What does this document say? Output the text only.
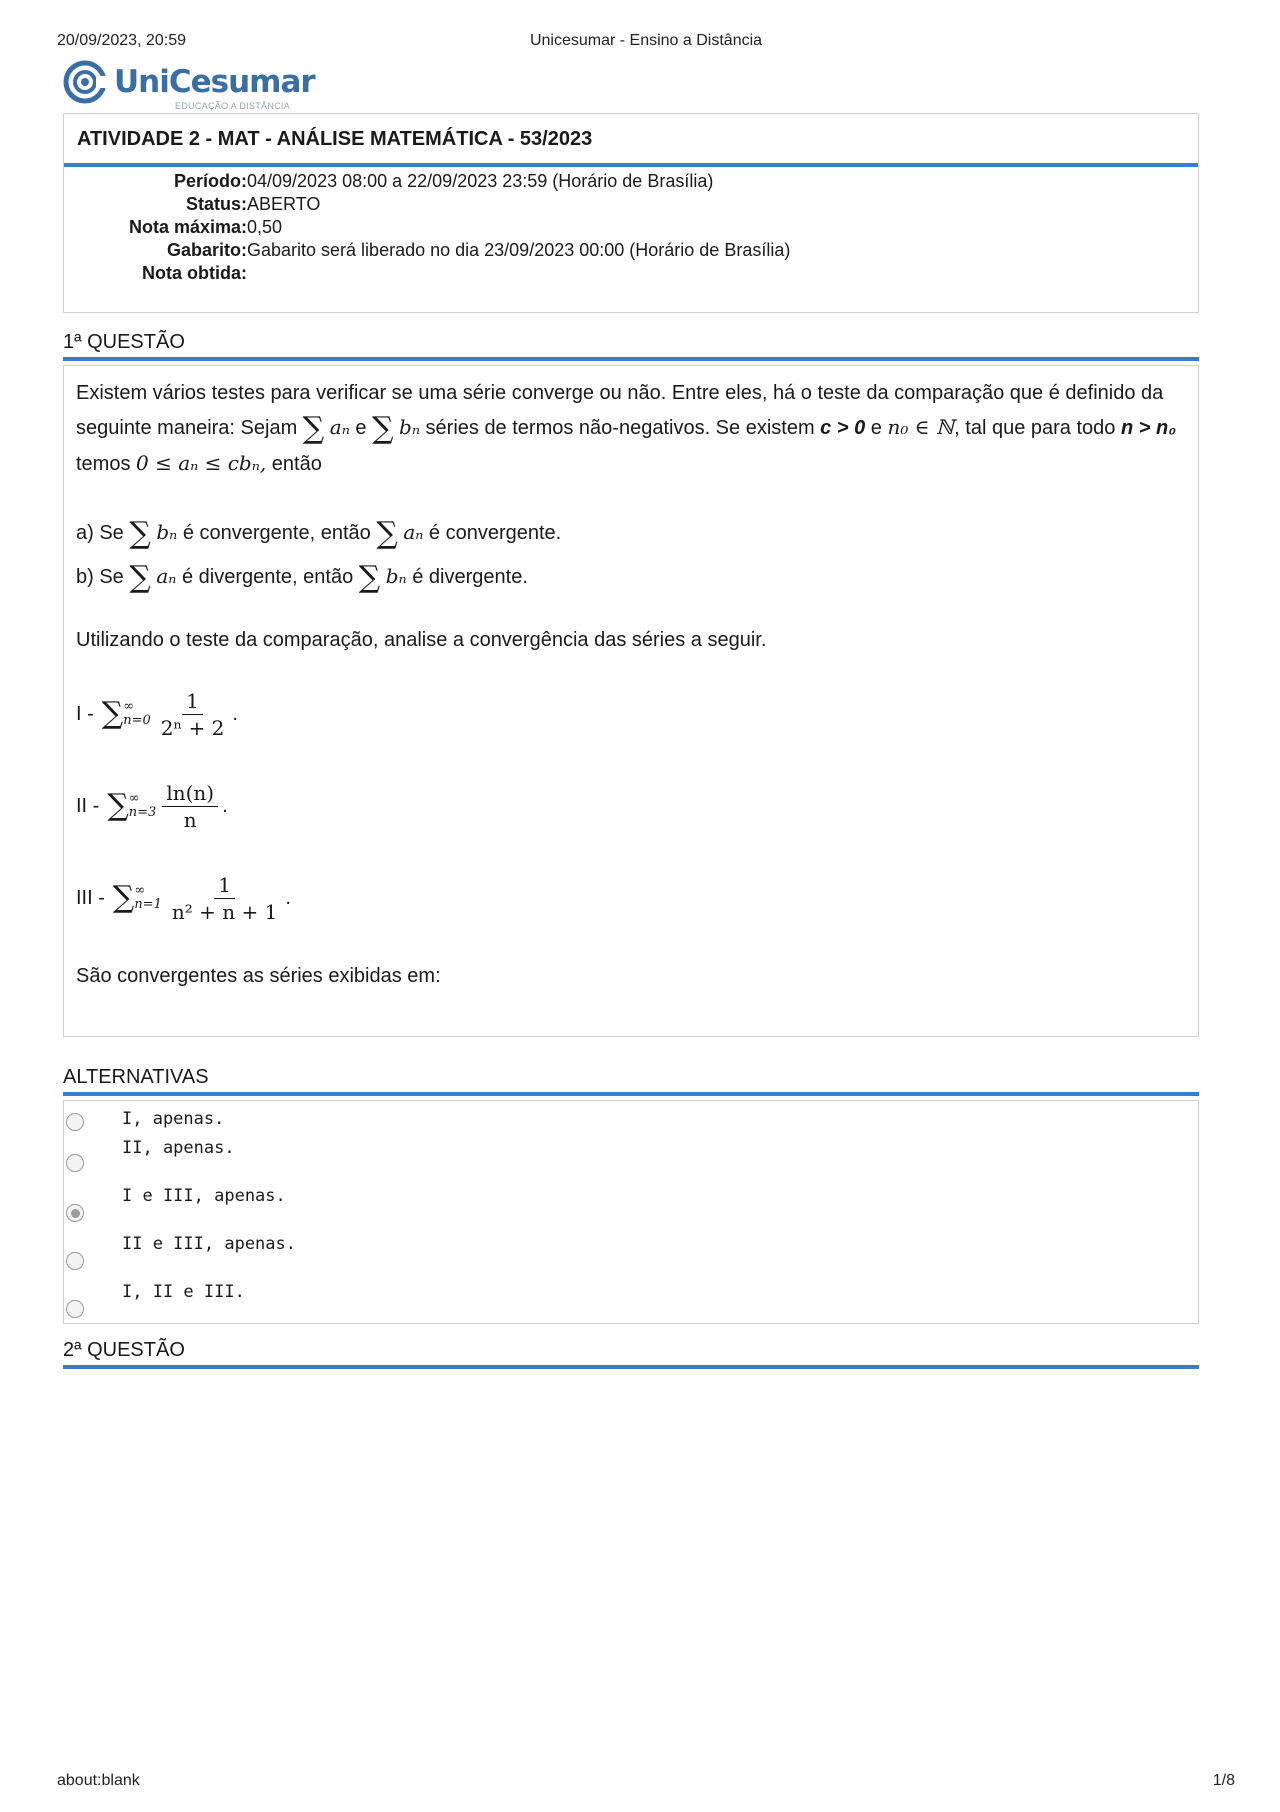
20/09/2023, 20:59	Unicesumar - Ensino a Distância
UniCesumar
EDUCAÇÃO A DISTÂNCIA
ATIVIDADE 2 - MAT - ANÁLISE MATEMÁTICA - 53/2023
Período: 04/09/2023 08:00 a 22/09/2023 23:59 (Horário de Brasília)
Status: ABERTO
Nota máxima: 0,50
Gabarito: Gabarito será liberado no dia 23/09/2023 00:00 (Horário de Brasília)
Nota obtida:
1ª QUESTÃO

Existem vários testes para verificar se uma série converge ou não. Entre eles, há o teste da comparação que é definido da seguinte maneira: Sejam ∑ aₙ e ∑ bₙ séries de termos não-negativos. Se existem c > 0 e n₀ ∈ ℕ, tal que para todo n > n₀ temos 0 ≤ aₙ ≤ cbₙ, então

a) Se ∑ bₙ é convergente, então ∑ aₙ é convergente.

b) Se ∑ aₙ é divergente, então ∑ bₙ é divergente.

Utilizando o teste da comparação, analise a convergência das séries a seguir.

I - ∑ ∞
$n=0 \frac{1}{\text{2ⁿ + 2}}$ .
II - ∑ ∞
$n=3 \frac{\ln(n)}{n}$ .
III - ∑ ∞
$n=1 \frac{1}{\text{n² + n + 1}}$ .

São convergentes as séries exibidas em:

ALTERNATIVAS
I, apenas.
II, apenas.
I e III, apenas.
II e III, apenas.
I, II e III.
2ª QUESTÃO
about:blank	1/8
